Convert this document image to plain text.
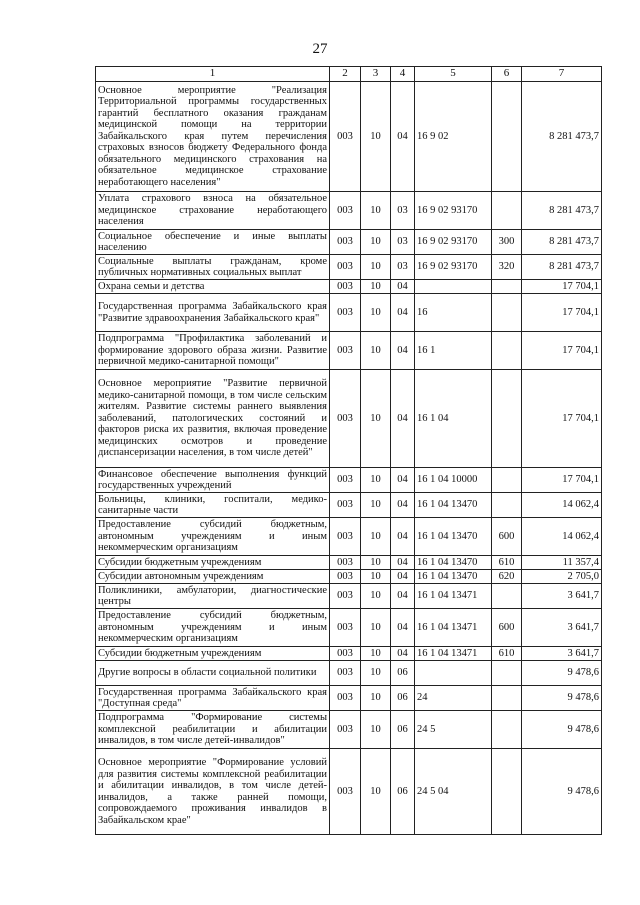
27
1	2	3	4	5	6	7
Основное мероприятие "Реализация Территориальной программы государственных гарантий бесплатного оказания гражданам медицинской помощи на территории Забайкальского края путем перечисления страховых взносов бюджету Федерального фонда обязательного медицинского страхования на обязательное медицинское страхование неработающего населения"	003	10	04	16 9 02		8 281 473,7
Уплата страхового взноса на обязательное медицинское страхование неработающего населения	003	10	03	16 9 02 93170		8 281 473,7
Социальное обеспечение и иные выплаты населению	003	10	03	16 9 02 93170	300	8 281 473,7
Социальные выплаты гражданам, кроме публичных нормативных социальных выплат	003	10	03	16 9 02 93170	320	8 281 473,7
Охрана семьи и детства	003	10	04			17 704,1
Государственная программа Забайкальского края "Развитие здравоохранения Забайкальского края"	003	10	04	16		17 704,1
Подпрограмма "Профилактика заболеваний и формирование здорового образа жизни. Развитие первичной медико-санитарной помощи"	003	10	04	16 1		17 704,1
Основное мероприятие "Развитие первичной медико-санитарной помощи, в том числе сельским жителям. Развитие системы раннего выявления заболеваний, патологических состояний и факторов риска их развития, включая проведение медицинских осмотров и проведение диспансеризации населения, в том числе детей"	003	10	04	16 1 04		17 704,1
Финансовое обеспечение выполнения функций государственных учреждений	003	10	04	16 1 04 10000		17 704,1
Больницы, клиники, госпитали, медико-санитарные части	003	10	04	16 1 04 13470		14 062,4
Предоставление субсидий бюджетным, автономным учреждениям и иным некоммерческим организациям	003	10	04	16 1 04 13470	600	14 062,4
Субсидии бюджетным учреждениям	003	10	04	16 1 04 13470	610	11 357,4
Субсидии автономным учреждениям	003	10	04	16 1 04 13470	620	2 705,0
Поликлиники, амбулатории, диагностические центры	003	10	04	16 1 04 13471		3 641,7
Предоставление субсидий бюджетным, автономным учреждениям и иным некоммерческим организациям	003	10	04	16 1 04 13471	600	3 641,7
Субсидии бюджетным учреждениям	003	10	04	16 1 04 13471	610	3 641,7
Другие вопросы в области социальной политики	003	10	06			9 478,6
Государственная программа Забайкальского края "Доступная среда"	003	10	06	24		9 478,6
Подпрограмма "Формирование системы комплексной реабилитации и абилитации инвалидов, в том числе детей-инвалидов"	003	10	06	24 5		9 478,6
Основное мероприятие "Формирование условий для развития системы комплексной реабилитации и абилитации инвалидов, в том числе детей-инвалидов, а также ранней помощи, сопровождаемого проживания инвалидов в Забайкальском крае"	003	10	06	24 5 04		9 478,6
